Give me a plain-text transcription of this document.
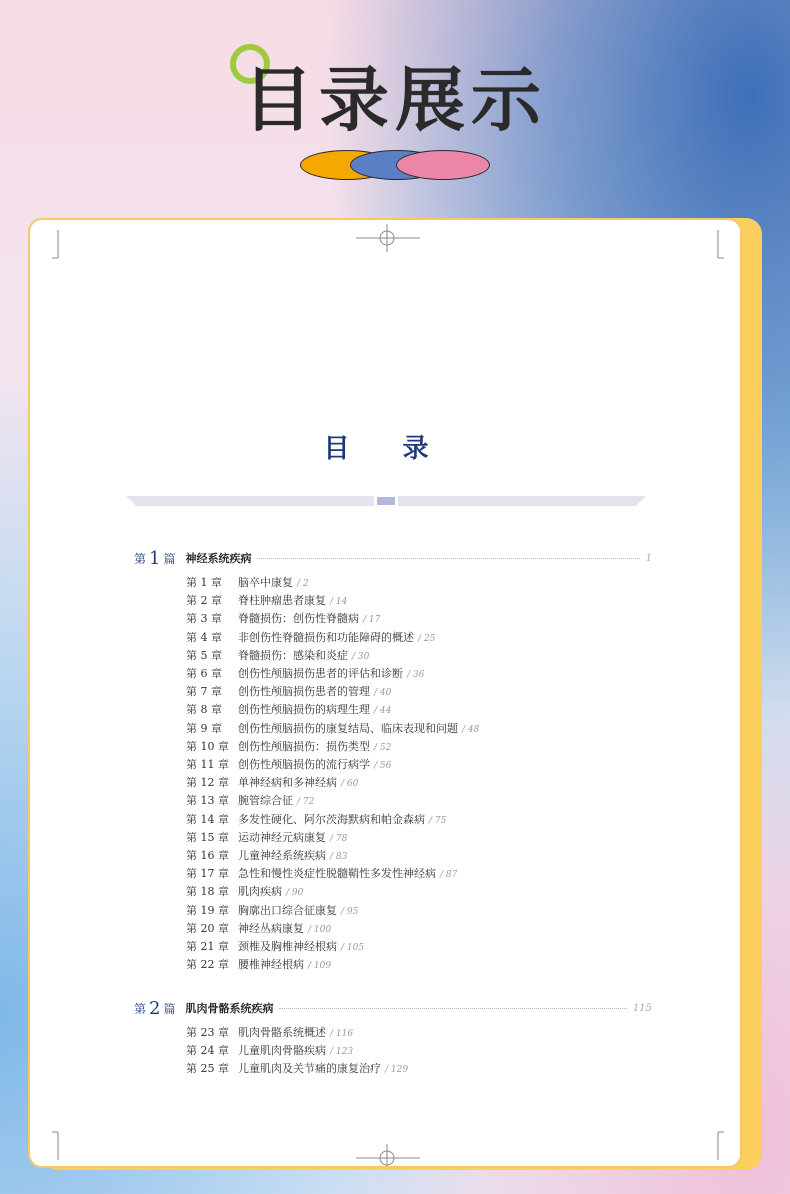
目录展示
目 录
第 1 篇 神经系统疾病	1
第 1 章 脑卒中康复 / 2
第 2 章 脊柱肿瘤患者康复 / 14
第 3 章 脊髓损伤：创伤性脊髓病 / 17
第 4 章 非创伤性脊髓损伤和功能障碍的概述 / 25
第 5 章 脊髓损伤：感染和炎症 / 30
第 6 章 创伤性颅脑损伤患者的评估和诊断 / 36
第 7 章 创伤性颅脑损伤患者的管理 / 40
第 8 章 创伤性颅脑损伤的病理生理 / 44
第 9 章 创伤性颅脑损伤的康复结局、临床表现和问题 / 48
第 10 章 创伤性颅脑损伤：损伤类型 / 52
第 11 章 创伤性颅脑损伤的流行病学 / 56
第 12 章 单神经病和多神经病 / 60
第 13 章 腕管综合征 / 72
第 14 章 多发性硬化、阿尔茨海默病和帕金森病 / 75
第 15 章 运动神经元病康复 / 78
第 16 章 儿童神经系统疾病 / 83
第 17 章 急性和慢性炎症性脱髓鞘性多发性神经病 / 87
第 18 章 肌肉疾病 / 90
第 19 章 胸廓出口综合征康复 / 95
第 20 章 神经丛病康复 / 100
第 21 章 颈椎及胸椎神经根病 / 105
第 22 章 腰椎神经根病 / 109
第 2 篇 肌肉骨骼系统疾病	115
第 23 章 肌肉骨骼系统概述 / 116
第 24 章 儿童肌肉骨骼疾病 / 123
第 25 章 儿童肌肉及关节痛的康复治疗 / 129
